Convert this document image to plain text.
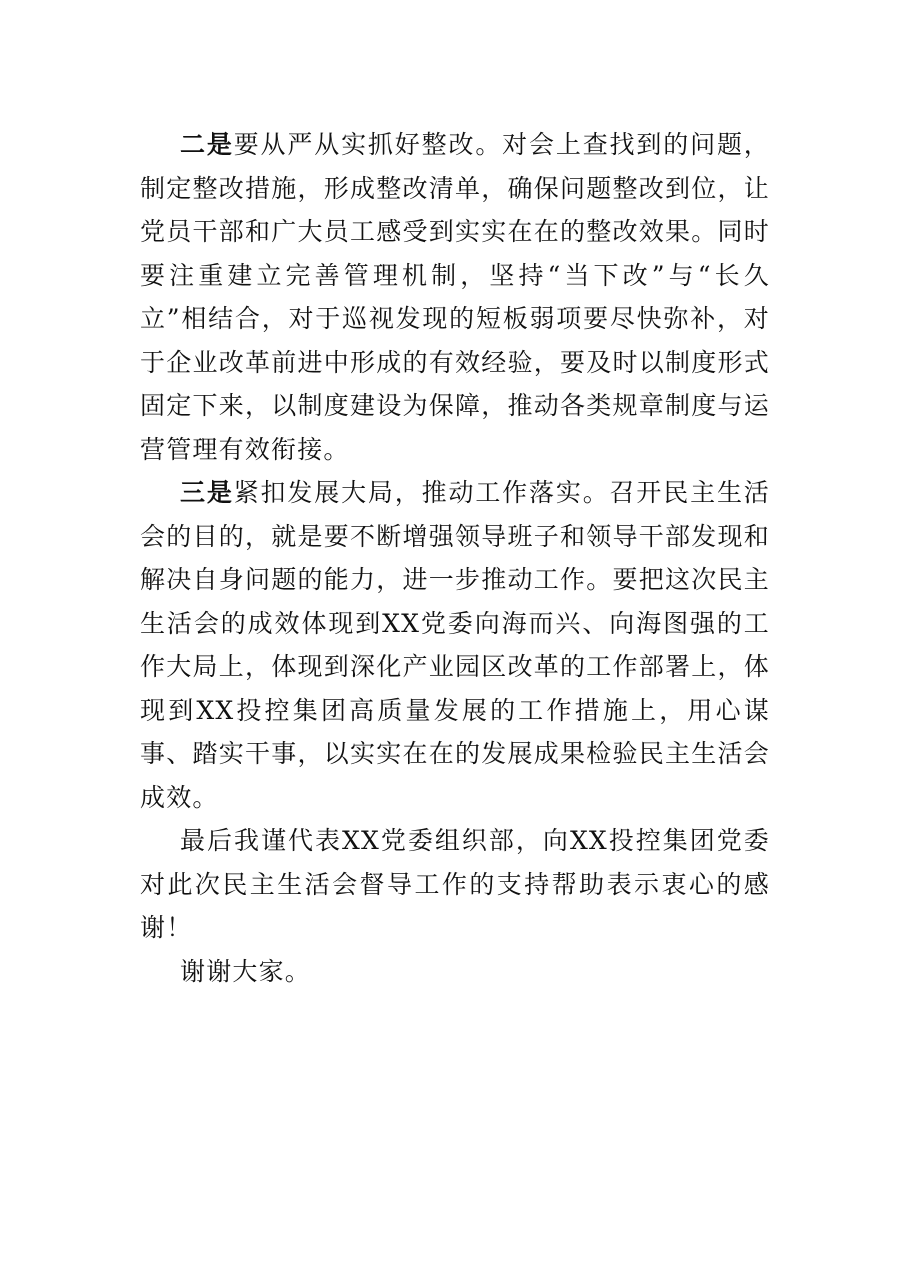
二是要从严从实抓好整改。对会上查找到的问题，制定整改措施，形成整改清单，确保问题整改到位，让党员干部和广大员工感受到实实在在的整改效果。同时要注重建立完善管理机制，坚持“当下改”与“长久立”相结合，对于巡视发现的短板弱项要尽快弥补，对于企业改革前进中形成的有效经验，要及时以制度形式固定下来，以制度建设为保障，推动各类规章制度与运营管理有效衔接。

三是紧扣发展大局，推动工作落实。召开民主生活会的目的，就是要不断增强领导班子和领导干部发现和解决自身问题的能力，进一步推动工作。要把这次民主生活会的成效体现到XX党委向海而兴、向海图强的工作大局上，体现到深化产业园区改革的工作部署上，体现到XX投控集团高质量发展的工作措施上，用心谋事、踏实干事，以实实在在的发展成果检验民主生活会成效。

最后我谨代表XX党委组织部，向XX投控集团党委对此次民主生活会督导工作的支持帮助表示衷心的感谢！

谢谢大家。
